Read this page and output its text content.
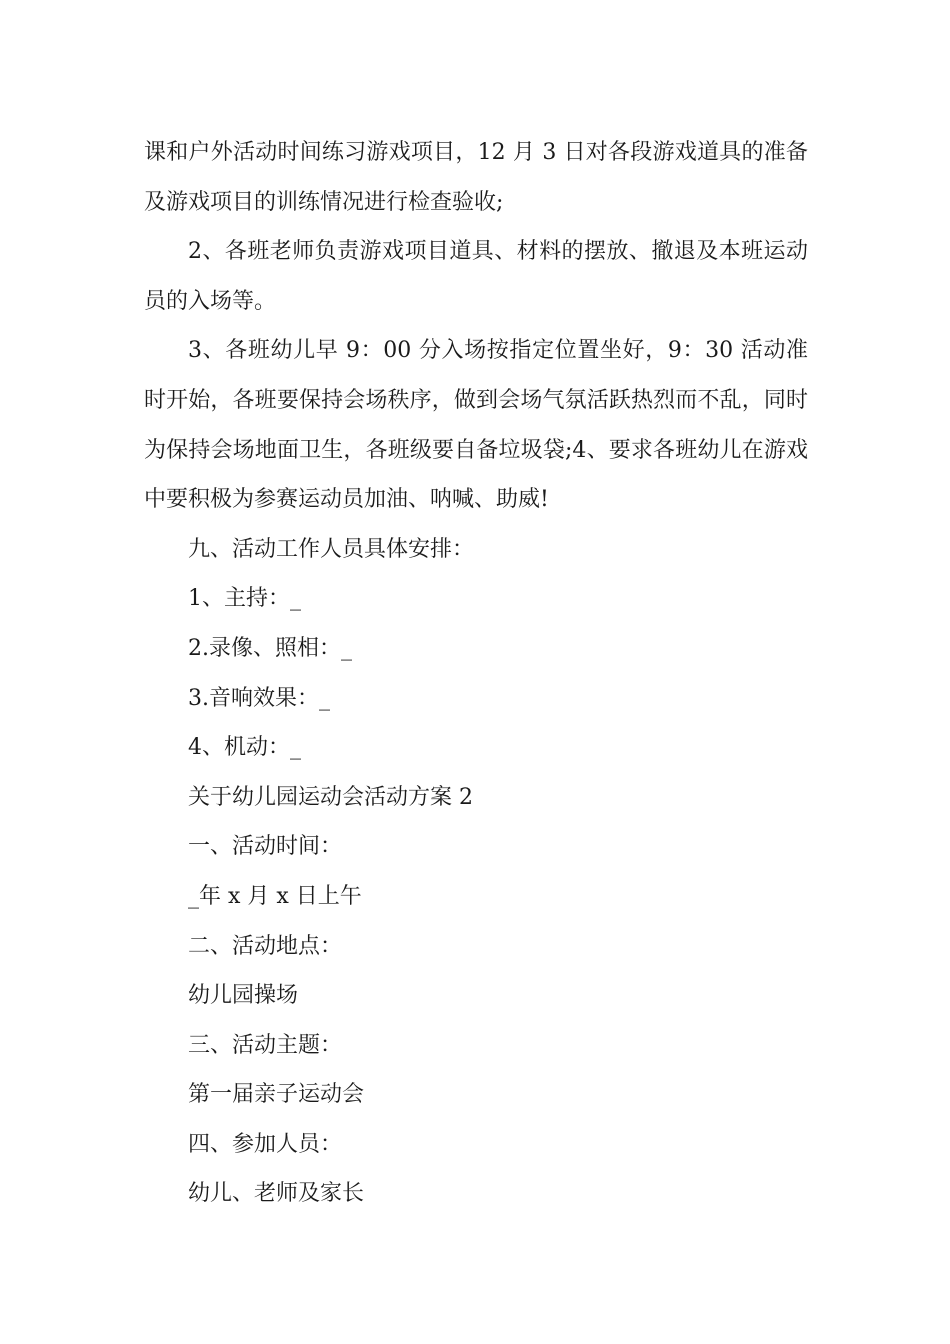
课和户外活动时间练习游戏项目，12 月 3 日对各段游戏道具的准备及游戏项目的训练情况进行检查验收;

2、各班老师负责游戏项目道具、材料的摆放、撤退及本班运动员的入场等。

3、各班幼儿早 9：00 分入场按指定位置坐好，9：30 活动准时开始，各班要保持会场秩序，做到会场气氛活跃热烈而不乱，同时为保持会场地面卫生，各班级要自备垃圾袋;4、要求各班幼儿在游戏中要积极为参赛运动员加油、呐喊、助威!

九、活动工作人员具体安排：

1、主持：_

2.录像、照相：_

3.音响效果：_

4、机动：_

关于幼儿园运动会活动方案 2

一、活动时间：

_年 x 月 x 日上午

二、活动地点：

幼儿园操场

三、活动主题：

第一届亲子运动会

四、参加人员：

幼儿、老师及家长
